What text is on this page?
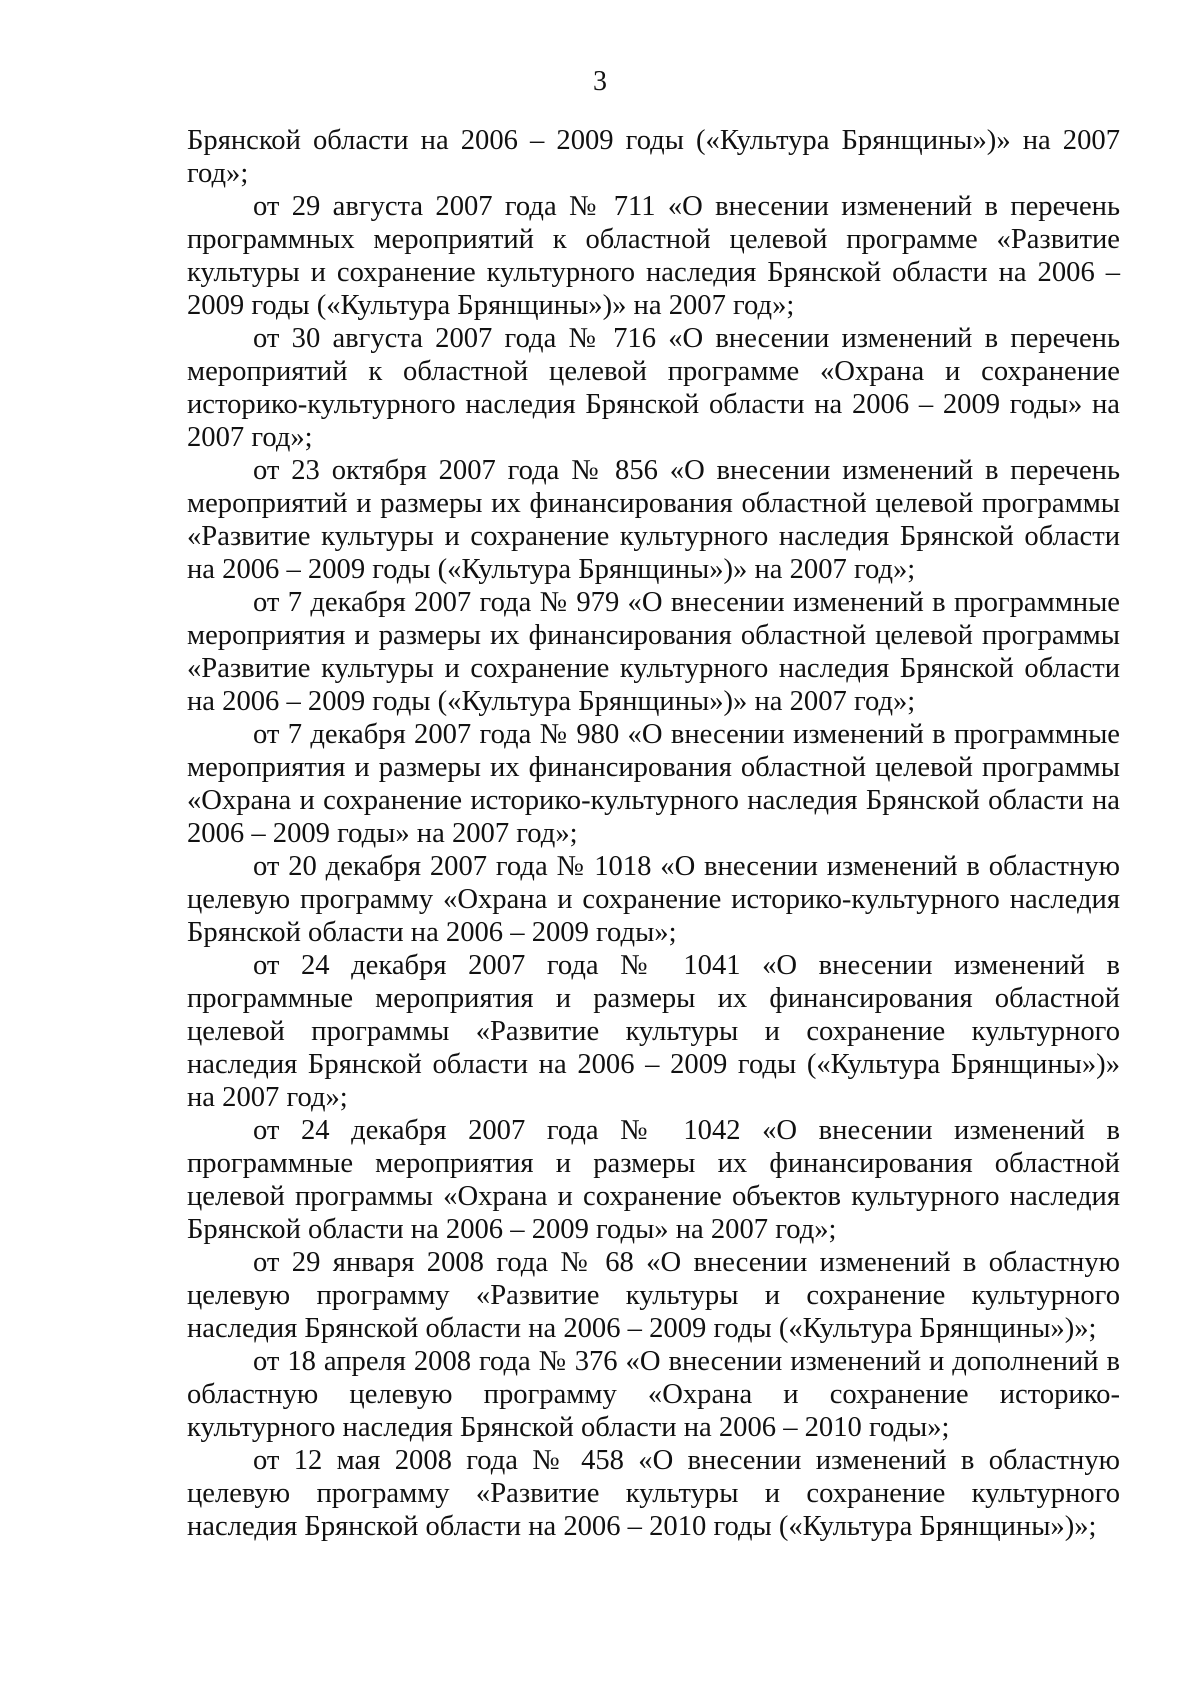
3

Брянской области на 2006 – 2009 годы («Культура Брянщины»)» на 2007 год»;

от 29 августа 2007 года № 711 «О внесении изменений в перечень программных мероприятий к областной целевой программе «Развитие культуры и сохранение культурного наследия Брянской области на 2006 – 2009 годы («Культура Брянщины»)» на 2007 год»;

от 30 августа 2007 года № 716 «О внесении изменений в перечень мероприятий к областной целевой программе «Охрана и сохранение историко-культурного наследия Брянской области на 2006 – 2009 годы» на 2007 год»;

от 23 октября 2007 года № 856 «О внесении изменений в перечень мероприятий и размеры их финансирования областной целевой программы «Развитие культуры и сохранение культурного наследия Брянской области на 2006 – 2009 годы («Культура Брянщины»)» на 2007 год»;

от 7 декабря 2007 года № 979 «О внесении изменений в программные мероприятия и размеры их финансирования областной целевой программы «Развитие культуры и сохранение культурного наследия Брянской области на 2006 – 2009 годы («Культура Брянщины»)» на 2007 год»;

от 7 декабря 2007 года № 980 «О внесении изменений в программные мероприятия и размеры их финансирования областной целевой программы «Охрана и сохранение историко-культурного наследия Брянской области на 2006 – 2009 годы» на 2007 год»;

от 20 декабря 2007 года № 1018 «О внесении изменений в областную целевую программу «Охрана и сохранение историко-культурного наследия Брянской области на 2006 – 2009 годы»;

от 24 декабря 2007 года № 1041 «О внесении изменений в программные мероприятия и размеры их финансирования областной целевой программы «Развитие культуры и сохранение культурного наследия Брянской области на 2006 – 2009 годы («Культура Брянщины»)» на 2007 год»;

от 24 декабря 2007 года № 1042 «О внесении изменений в программные мероприятия и размеры их финансирования областной целевой программы «Охрана и сохранение объектов культурного наследия Брянской области на 2006 – 2009 годы» на 2007 год»;

от 29 января 2008 года № 68 «О внесении изменений в областную целевую программу «Развитие культуры и сохранение культурного наследия Брянской области на 2006 – 2009 годы («Культура Брянщины»)»;

от 18 апреля 2008 года № 376 «О внесении изменений и дополнений в областную целевую программу «Охрана и сохранение историко-культурного наследия Брянской области на 2006 – 2010 годы»;

от 12 мая 2008 года № 458 «О внесении изменений в областную целевую программу «Развитие культуры и сохранение культурного наследия Брянской области на 2006 – 2010 годы («Культура Брянщины»)»;
